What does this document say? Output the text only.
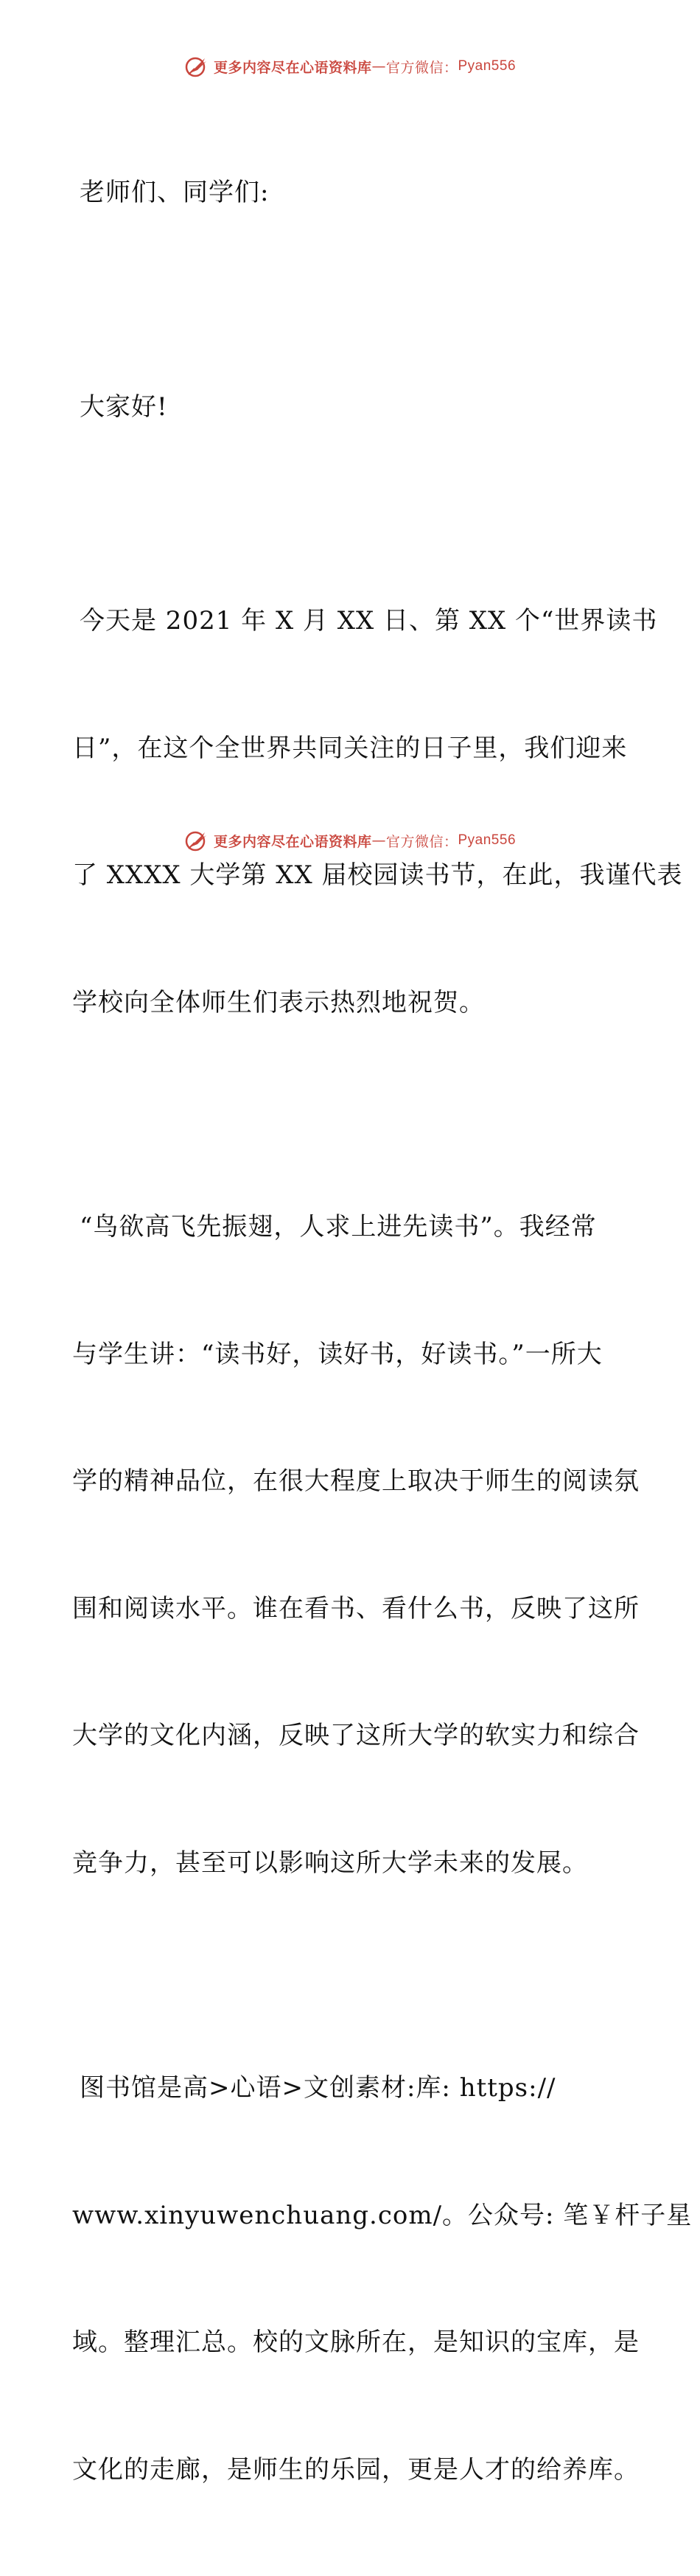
更多内容尽在心语资料库 — 官方微信： Pyan556

老师们、同学们:

大家好!

今天是 2021 年 X 月 XX 日、第 XX 个“世界读书

日”，在这个全世界共同关注的日子里，我们迎来

了 XXXX 大学第 XX 届校园读书节，在此，我谨代表

学校向全体师生们表示热烈地祝贺。

“鸟欲高飞先振翅，人求上进先读书”。我经常

与学生讲：“读书好，读好书，好读书。”一所大

学的精神品位，在很大程度上取决于师生的阅读氛

围和阅读水平。谁在看书、看什么书，反映了这所

大学的文化内涵，反映了这所大学的软实力和综合

竞争力，甚至可以影响这所大学未来的发展。

图书馆是高>心语>文创素材:库: https://

www.xinyuwenchuang.com/。公众号: 笔￥杆子星

域。整理汇总。校的文脉所在，是知识的宝库，是

文化的走廊，是师生的乐园，更是人才的给养库。

更多内容尽在心语资料库 — 官方微信： Pyan556
